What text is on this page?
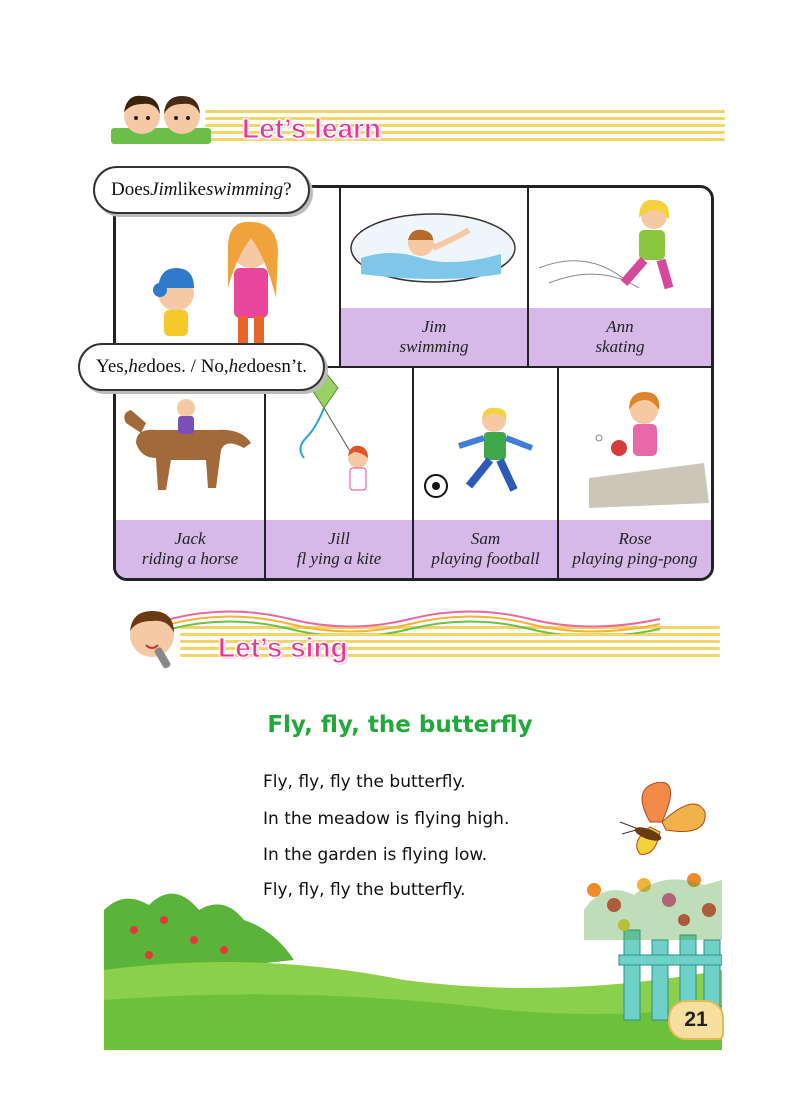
Let’s learn
Jim
swimming
Ann
skating
Jack
riding a horse
Jill
fl ying a kite
Sam
playing football
Rose
playing ping-pong
Does Jim like swimming ?
Yes, he does. / No, he doesn’t.
Let’s sing
Fly, fly, the butterfly
Fly, fly, fly the butterfly.
In the meadow is flying high.
In the garden is flying low.
Fly, fly, fly the butterfly.
21
